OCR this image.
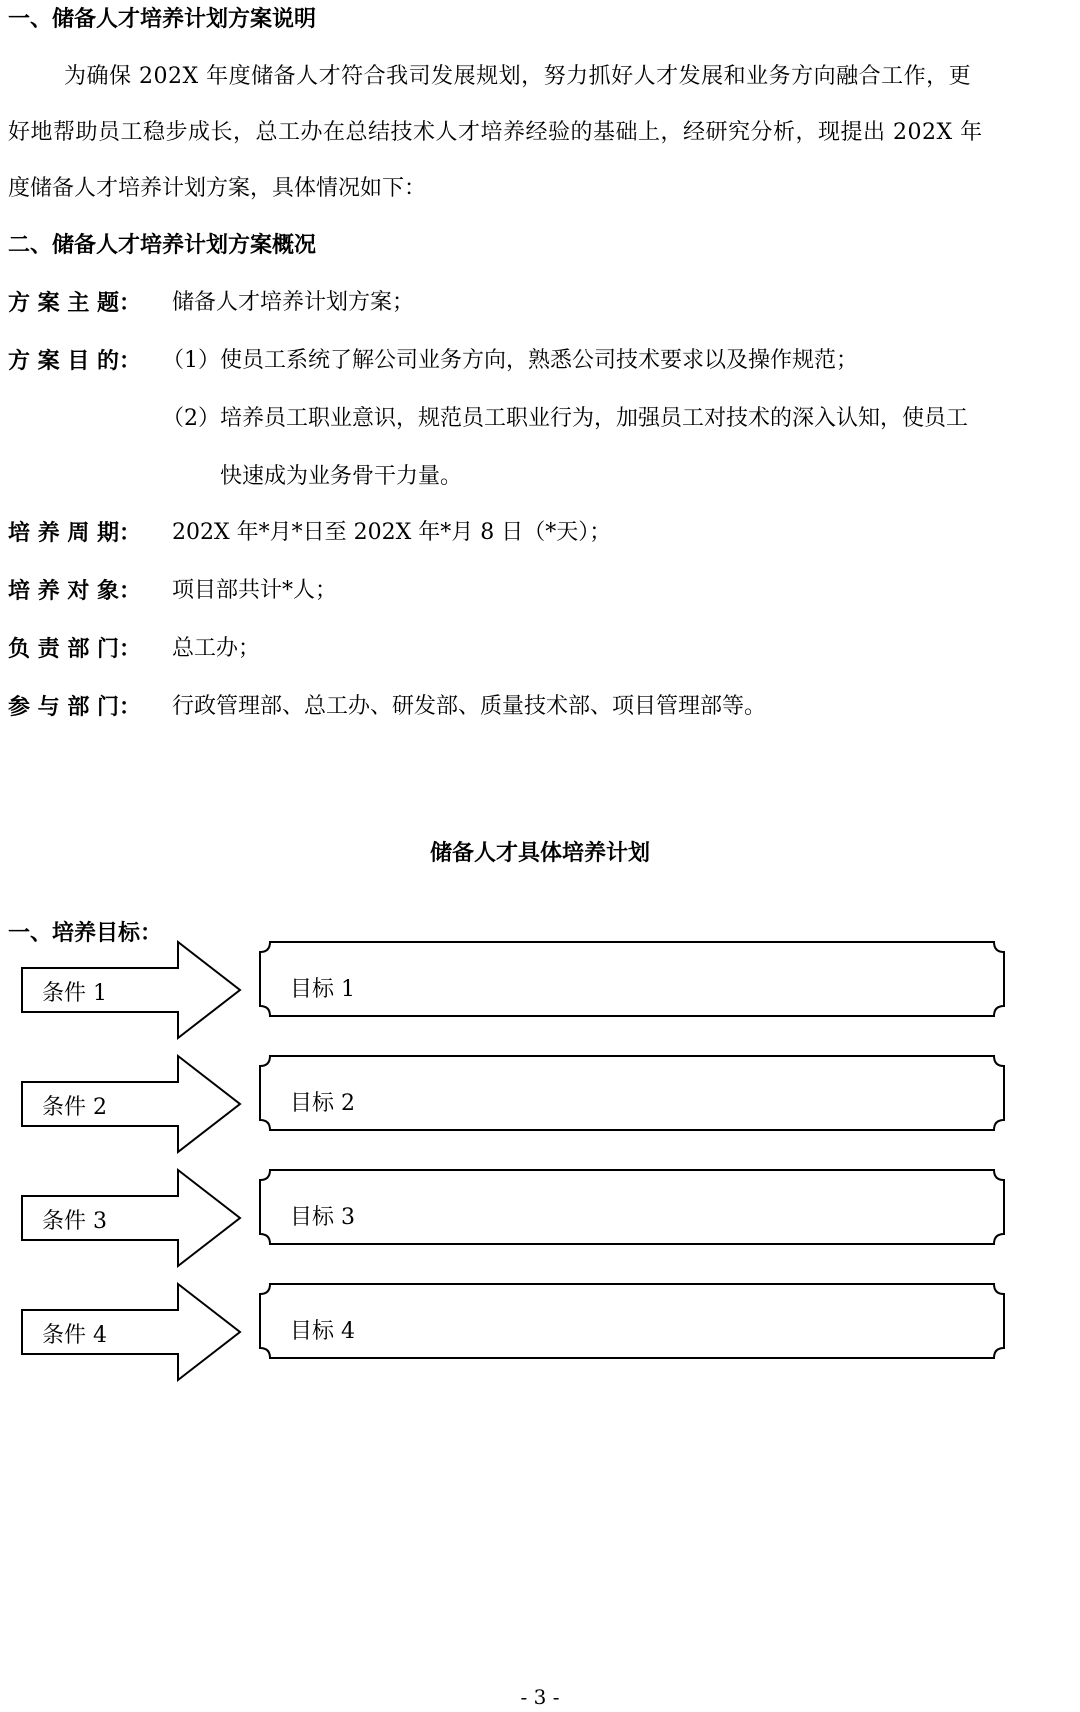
一、储备人才培养计划方案说明
为确保 202X 年度储备人才符合我司发展规划，努力抓好人才发展和业务方向融合工作，更
好地帮助员工稳步成长，总工办在总结技术人才培养经验的基础上，经研究分析，现提出 202X 年
度储备人才培养计划方案，具体情况如下：
二、储备人才培养计划方案概况
方 案 主 题： 储备人才培养计划方案；
方 案 目 的： （1）使员工系统了解公司业务方向，熟悉公司技术要求以及操作规范；
（2）培养员工职业意识，规范员工职业行为，加强员工对技术的深入认知，使员工
快速成为业务骨干力量。
培 养 周 期： 202X 年*月*日至 202X 年*月 8 日（*天）；
培 养 对 象： 项目部共计*人；
负 责 部 门： 总工办；
参 与 部 门： 行政管理部、总工办、研发部、质量技术部、项目管理部等。
储备人才具体培养计划
一、培养目标：
条件 1	目标 1
条件 2	目标 2
条件 3	目标 3
条件 4	目标 4
- 3 -
